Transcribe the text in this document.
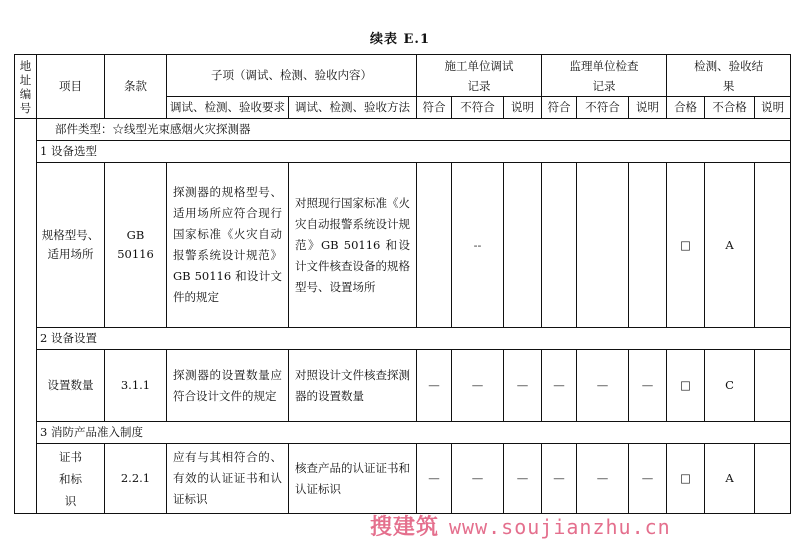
续表 E.1
地址编号	项目	条款	子项（调试、检测、验收内容）		施工单位调试记录			监理单位检查记录			检测、验收结果		
			调试、检测、验收要求	调试、检测、验收方法	符合	不符合	说明	符合	不符合	说明	合格	不合格	说明
	部件类型：☆线型光束感烟火灾探测器												
	1 设备选型												
	规格型号、适用场所	GB 50116	探测器的规格型号、适用场所应符合现行国家标准《火灾自动报警系统设计规范》GB 50116 和设计文件的规定	对照现行国家标准《火灾自动报警系统设计规范》GB 50116 和设计文件核查设备的规格型号、设置场所		--					□	A	
	2 设备设置												
	设置数量	3.1.1	探测器的设置数量应符合设计文件的规定	对照设计文件核查探测器的设置数量	—	—	—	—	—	—	□	C	
	3 消防产品准入制度												
	证书和标识	2.2.1	应有与其相符合的、有效的认证证书和认证标识	核查产品的认证证书和认证标识	—	—	—	—	—	—	□	A	
搜建筑 www.soujianzhu.cn
